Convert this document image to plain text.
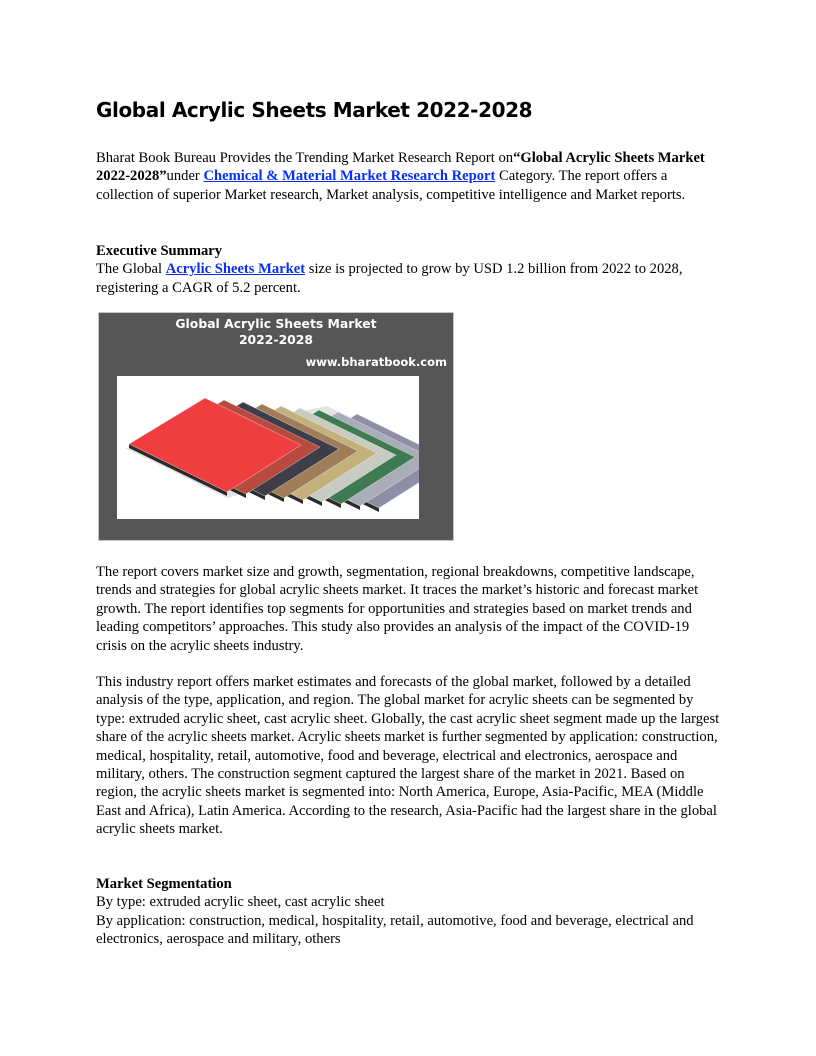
Global Acrylic Sheets Market 2022-2028

Bharat Book Bureau Provides the Trending Market Research Report on“Global Acrylic Sheets Market 2022-2028”under Chemical & Material Market Research Report Category. The report offers a collection of superior Market research, Market analysis, competitive intelligence and Market reports.

Executive Summary
The Global Acrylic Sheets Market size is projected to grow by USD 1.2 billion from 2022 to 2028, registering a CAGR of 5.2 percent.

Global Acrylic Sheets Market
2022-2028
www.bharatbook.com

The report covers market size and growth, segmentation, regional breakdowns, competitive landscape, trends and strategies for global acrylic sheets market. It traces the market’s historic and forecast market growth. The report identifies top segments for opportunities and strategies based on market trends and leading competitors’ approaches. This study also provides an analysis of the impact of the COVID-19 crisis on the acrylic sheets industry.

This industry report offers market estimates and forecasts of the global market, followed by a detailed analysis of the type, application, and region. The global market for acrylic sheets can be segmented by type: extruded acrylic sheet, cast acrylic sheet. Globally, the cast acrylic sheet segment made up the largest share of the acrylic sheets market. Acrylic sheets market is further segmented by application: construction, medical, hospitality, retail, automotive, food and beverage, electrical and electronics, aerospace and military, others. The construction segment captured the largest share of the market in 2021. Based on region, the acrylic sheets market is segmented into: North America, Europe, Asia-Pacific, MEA (Middle East and Africa), Latin America. According to the research, Asia-Pacific had the largest share in the global acrylic sheets market.

Market Segmentation
By type: extruded acrylic sheet, cast acrylic sheet
By application: construction, medical, hospitality, retail, automotive, food and beverage, electrical and electronics, aerospace and military, others
